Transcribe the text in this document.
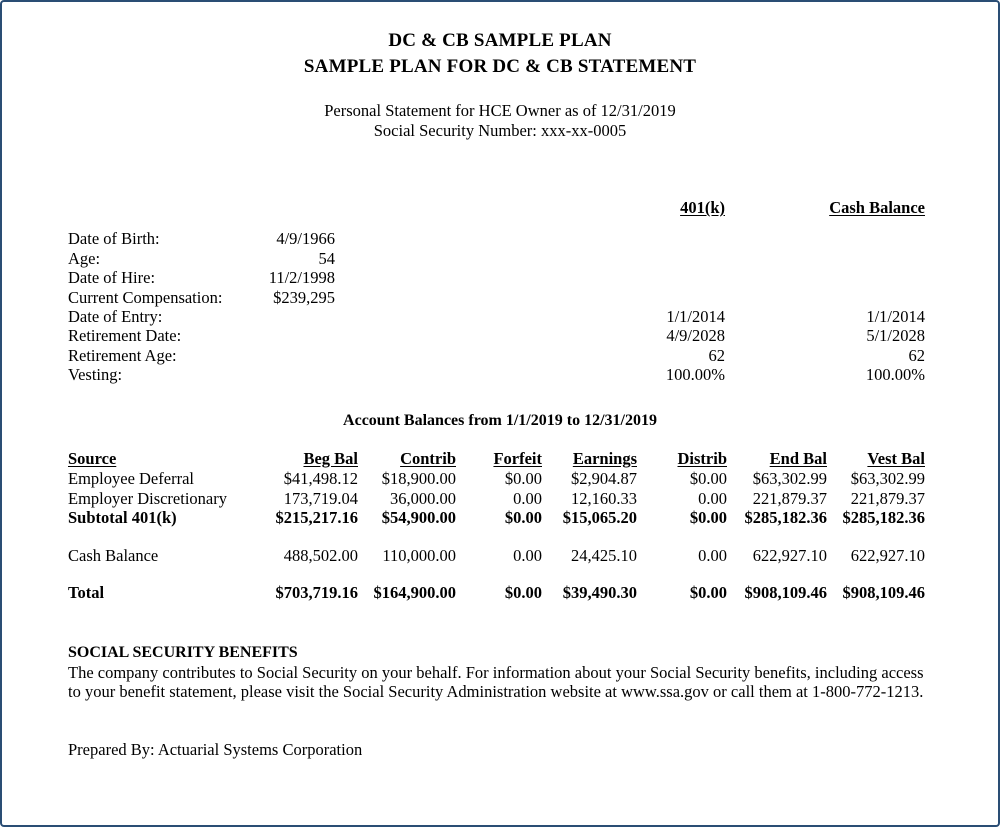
DC & CB SAMPLE PLAN
SAMPLE PLAN FOR DC & CB STATEMENT
Personal Statement for HCE Owner as of 12/31/2019
Social Security Number: xxx-xx-0005
			401(k)	Cash Balance
Date of Birth:	4/9/1966			
Age:	54			
Date of Hire:	11/2/1998			
Current Compensation:	$239,295			
Date of Entry:			1/1/2014	1/1/2014
Retirement Date:			4/9/2028	5/1/2028
Retirement Age:			62	62
Vesting:			100.00%	100.00%
Account Balances from 1/1/2019 to 12/31/2019
Source	Beg Bal	Contrib	Forfeit	Earnings	Distrib	End Bal	Vest Bal
Employee Deferral	$41,498.12	$18,900.00	$0.00	$2,904.87	$0.00	$63,302.99	$63,302.99
Employer Discretionary	173,719.04	36,000.00	0.00	12,160.33	0.00	221,879.37	221,879.37
Subtotal 401(k)	$215,217.16	$54,900.00	$0.00	$15,065.20	$0.00	$285,182.36	$285,182.36

Cash Balance	488,502.00	110,000.00	0.00	24,425.10	0.00	622,927.10	622,927.10

Total	$703,719.16	$164,900.00	$0.00	$39,490.30	$0.00	$908,109.46	$908,109.46
SOCIAL SECURITY BENEFITS
The company contributes to Social Security on your behalf. For information about your Social Security benefits, including access to your benefit statement, please visit the Social Security Administration website at www.ssa.gov or call them at 1-800-772-1213.
Prepared By: Actuarial Systems Corporation
